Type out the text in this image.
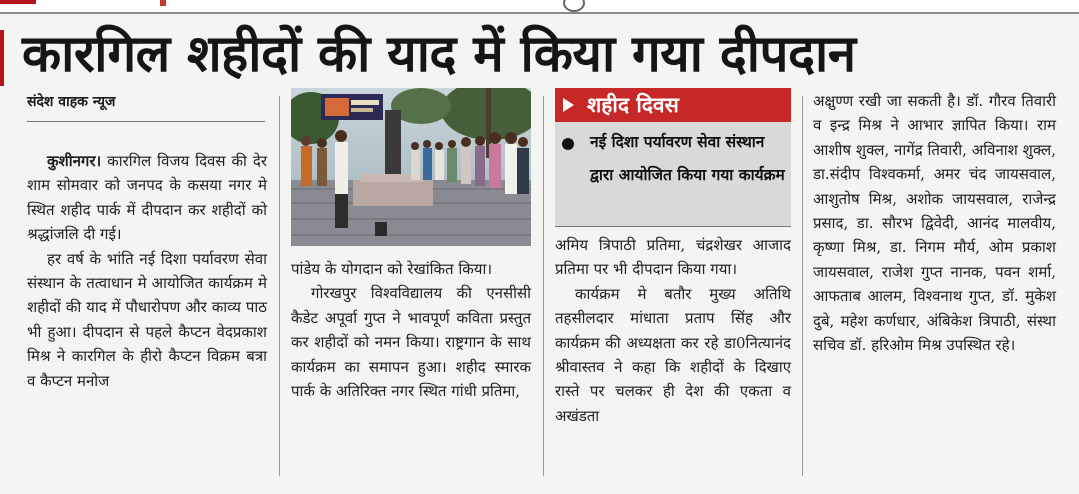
कारगिल शहीदों की याद में किया गया दीपदान
संदेश वाहक न्यूज

कुशीनगर। कारगिल विजय दिवस की देर शाम सोमवार को जनपद के कसया नगर मे स्थित शहीद पार्क में दीपदान कर शहीदों को श्रद्धांजलि दी गई।

हर वर्ष के भांति नई दिशा पर्यावरण सेवा संस्थान के तत्वाधान मे आयोजित कार्यक्रम मे शहीदों की याद में पौधारोपण और काव्य पाठ भी हुआ। दीपदान से पहले कैप्टन वेदप्रकाश मिश्र ने कारगिल के हीरो कैप्टन विक्रम बत्रा व कैप्टन मनोज

पांडेय के योगदान को रेखांकित किया।

गोरखपुर विश्वविद्यालय की एनसीसी कैडेट अपूर्वा गुप्त ने भावपूर्ण कविता प्रस्तुत कर शहीदों को नमन किया। राष्ट्रगान के साथ कार्यक्रम का समापन हुआ। शहीद स्मारक पार्क के अतिरिक्त नगर स्थित गांधी प्रतिमा,

शहीद दिवस
नई दिशा पर्यावरण सेवा संस्थान द्वारा आयोजित किया गया कार्यक्रम

अमिय त्रिपाठी प्रतिमा, चंद्रशेखर आजाद प्रतिमा पर भी दीपदान किया गया।

कार्यक्रम मे बतौर मुख्य अतिथि तहसीलदार मांधाता प्रताप सिंह और कार्यक्रम की अध्यक्षता कर रहे डा0नित्यानंद श्रीवास्तव ने कहा कि शहीदों के दिखाए रास्ते पर चलकर ही देश की एकता व अखंडता

अक्षुण्ण रखी जा सकती है। डॉ. गौरव तिवारी व इन्द्र मिश्र ने आभार ज्ञापित किया। राम आशीष शुक्ल, नागेंद्र तिवारी, अविनाश शुक्ल, डा.संदीप विश्वकर्मा, अमर चंद जायसवाल, आशुतोष मिश्र, अशोक जायसवाल, राजेन्द्र प्रसाद, डा. सौरभ द्विवेदी, आनंद मालवीय, कृष्णा मिश्र, डा. निगम मौर्य, ओम प्रकाश जायसवाल, राजेश गुप्त नानक, पवन शर्मा, आफताब आलम, विश्वनाथ गुप्त, डॉ. मुकेश दुबे, महेश कर्णधार, अंबिकेश त्रिपाठी, संस्था सचिव डॉ. हरिओम मिश्र उपस्थित रहे।
